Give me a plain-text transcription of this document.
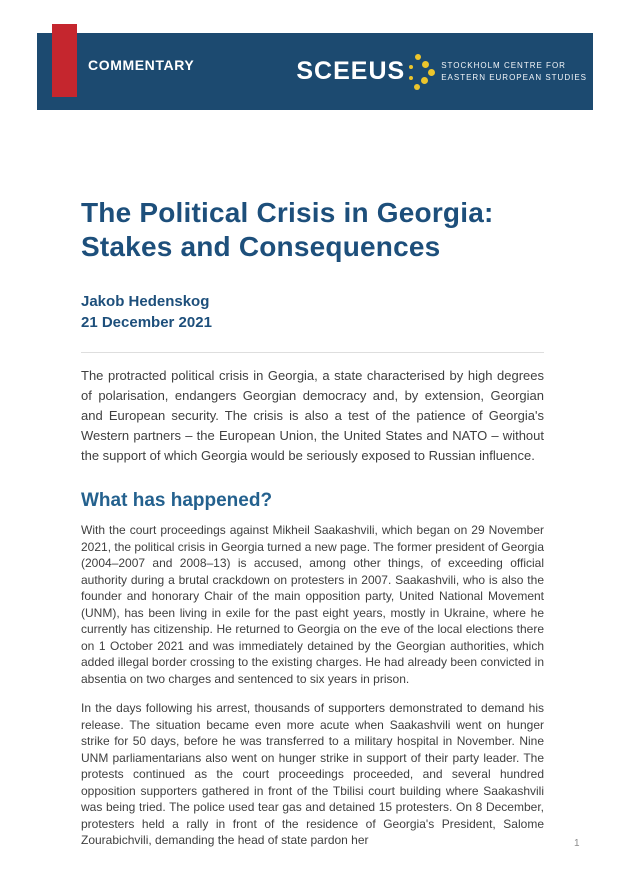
COMMENTARY	SCEEUS	STOCKHOLM CENTRE FOR
EASTERN EUROPEAN STUDIES
The Political Crisis in Georgia:
Stakes and Consequences
Jakob Hedenskog
21 December 2021

The protracted political crisis in Georgia, a state characterised by high degrees of polarisation, endangers Georgian democracy and, by extension, Georgian and European security. The crisis is also a test of the patience of Georgia's Western partners – the European Union, the United States and NATO – without the support of which Georgia would be seriously exposed to Russian influence.

What has happened?

With the court proceedings against Mikheil Saakashvili, which began on 29 November 2021, the political crisis in Georgia turned a new page. The former president of Georgia (2004–2007 and 2008–13) is accused, among other things, of exceeding official authority during a brutal crackdown on protesters in 2007. Saakashvili, who is also the founder and honorary Chair of the main opposition party, United National Movement (UNM), has been living in exile for the past eight years, mostly in Ukraine, where he currently has citizenship. He returned to Georgia on the eve of the local elections there on 1 October 2021 and was immediately detained by the Georgian authorities, which added illegal border crossing to the existing charges. He had already been convicted in absentia on two charges and sentenced to six years in prison.

In the days following his arrest, thousands of supporters demonstrated to demand his release. The situation became even more acute when Saakashvili went on hunger strike for 50 days, before he was transferred to a military hospital in November. Nine UNM parliamentarians also went on hunger strike in support of their party leader. The protests continued as the court proceedings proceeded, and several hundred opposition supporters gathered in front of the Tbilisi court building where Saakashvili was being tried. The police used tear gas and detained 15 protesters. On 8 December, protesters held a rally in front of the residence of Georgia's President, Salome Zourabichvili, demanding the head of state pardon her	1
